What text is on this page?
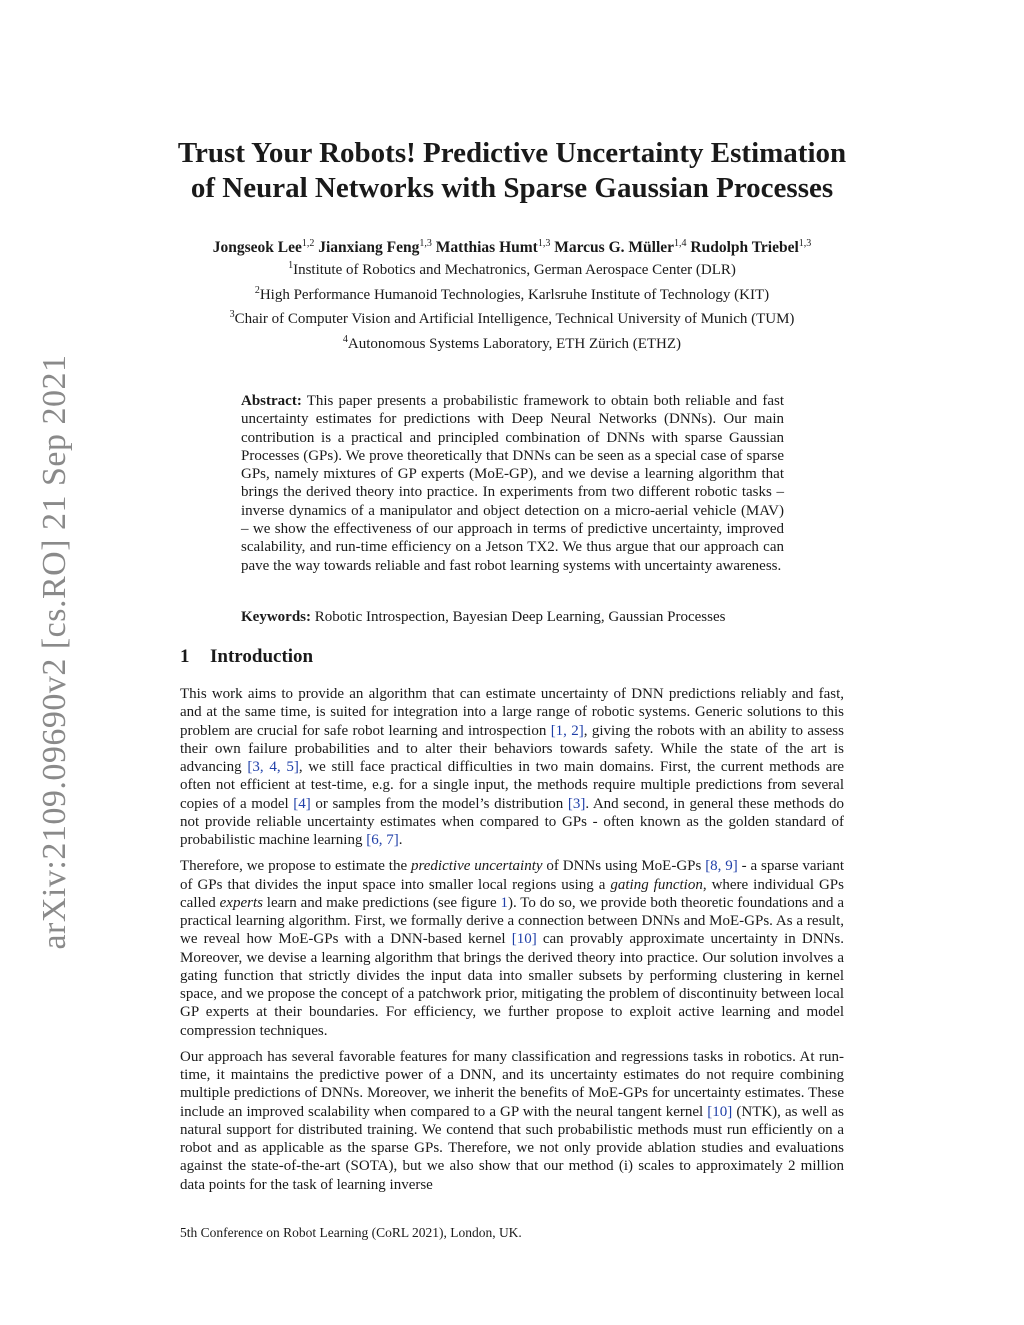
arXiv:2109.09690v2 [cs.RO] 21 Sep 2021
Trust Your Robots! Predictive Uncertainty Estimation
of Neural Networks with Sparse Gaussian Processes
Jongseok Lee$^{1,2}$ Jianxiang Feng$^{1,3}$ Matthias Humt$^{1,3}$ Marcus G. Müller$^{1,4}$ Rudolph Triebel$^{1,3}$
$^1$Institute of Robotics and Mechatronics, German Aerospace Center (DLR)
$^2$High Performance Humanoid Technologies, Karlsruhe Institute of Technology (KIT)
$^3$Chair of Computer Vision and Artificial Intelligence, Technical University of Munich (TUM)
$^4$Autonomous Systems Laboratory, ETH Zürich (ETHZ)
Abstract: This paper presents a probabilistic framework to obtain both reliable and fast uncertainty estimates for predictions with Deep Neural Networks (DNNs). Our main contribution is a practical and principled combination of DNNs with sparse Gaussian Processes (GPs). We prove theoretically that DNNs can be seen as a special case of sparse GPs, namely mixtures of GP experts (MoE-GP), and we devise a learning algorithm that brings the derived theory into practice. In experiments from two different robotic tasks – inverse dynamics of a manipulator and object detection on a micro-aerial vehicle (MAV) – we show the effectiveness of our approach in terms of predictive uncertainty, improved scalability, and run-time efficiency on a Jetson TX2. We thus argue that our approach can pave the way towards reliable and fast robot learning systems with uncertainty awareness.
Keywords: Robotic Introspection, Bayesian Deep Learning, Gaussian Processes
1 Introduction

This work aims to provide an algorithm that can estimate uncertainty of DNN predictions reliably and fast, and at the same time, is suited for integration into a large range of robotic systems. Generic solutions to this problem are crucial for safe robot learning and introspection [1, 2], giving the robots with an ability to assess their own failure probabilities and to alter their behaviors towards safety. While the state of the art is advancing [3, 4, 5], we still face practical difficulties in two main domains. First, the current methods are often not efficient at test-time, e.g. for a single input, the methods require multiple predictions from several copies of a model [4] or samples from the model’s distribution [3]. And second, in general these methods do not provide reliable uncertainty estimates when compared to GPs - often known as the golden standard of probabilistic machine learning [6, 7].

Therefore, we propose to estimate the predictive uncertainty of DNNs using MoE-GPs [8, 9] - a sparse variant of GPs that divides the input space into smaller local regions using a gating function, where individual GPs called experts learn and make predictions (see figure 1). To do so, we provide both theoretic foundations and a practical learning algorithm. First, we formally derive a connection between DNNs and MoE-GPs. As a result, we reveal how MoE-GPs with a DNN-based kernel [10] can provably approximate uncertainty in DNNs. Moreover, we devise a learning algorithm that brings the derived theory into practice. Our solution involves a gating function that strictly divides the input data into smaller subsets by performing clustering in kernel space, and we propose the concept of a patchwork prior, mitigating the problem of discontinuity between local GP experts at their boundaries. For efficiency, we further propose to exploit active learning and model compression techniques.

Our approach has several favorable features for many classification and regressions tasks in robotics. At run-time, it maintains the predictive power of a DNN, and its uncertainty estimates do not require combining multiple predictions of DNNs. Moreover, we inherit the benefits of MoE-GPs for uncertainty estimates. These include an improved scalability when compared to a GP with the neural tangent kernel [10] (NTK), as well as natural support for distributed training. We contend that such probabilistic methods must run efficiently on a robot and as applicable as the sparse GPs. Therefore, we not only provide ablation studies and evaluations against the state-of-the-art (SOTA), but we also show that our method (i) scales to approximately 2 million data points for the task of learning inverse

5th Conference on Robot Learning (CoRL 2021), London, UK.
